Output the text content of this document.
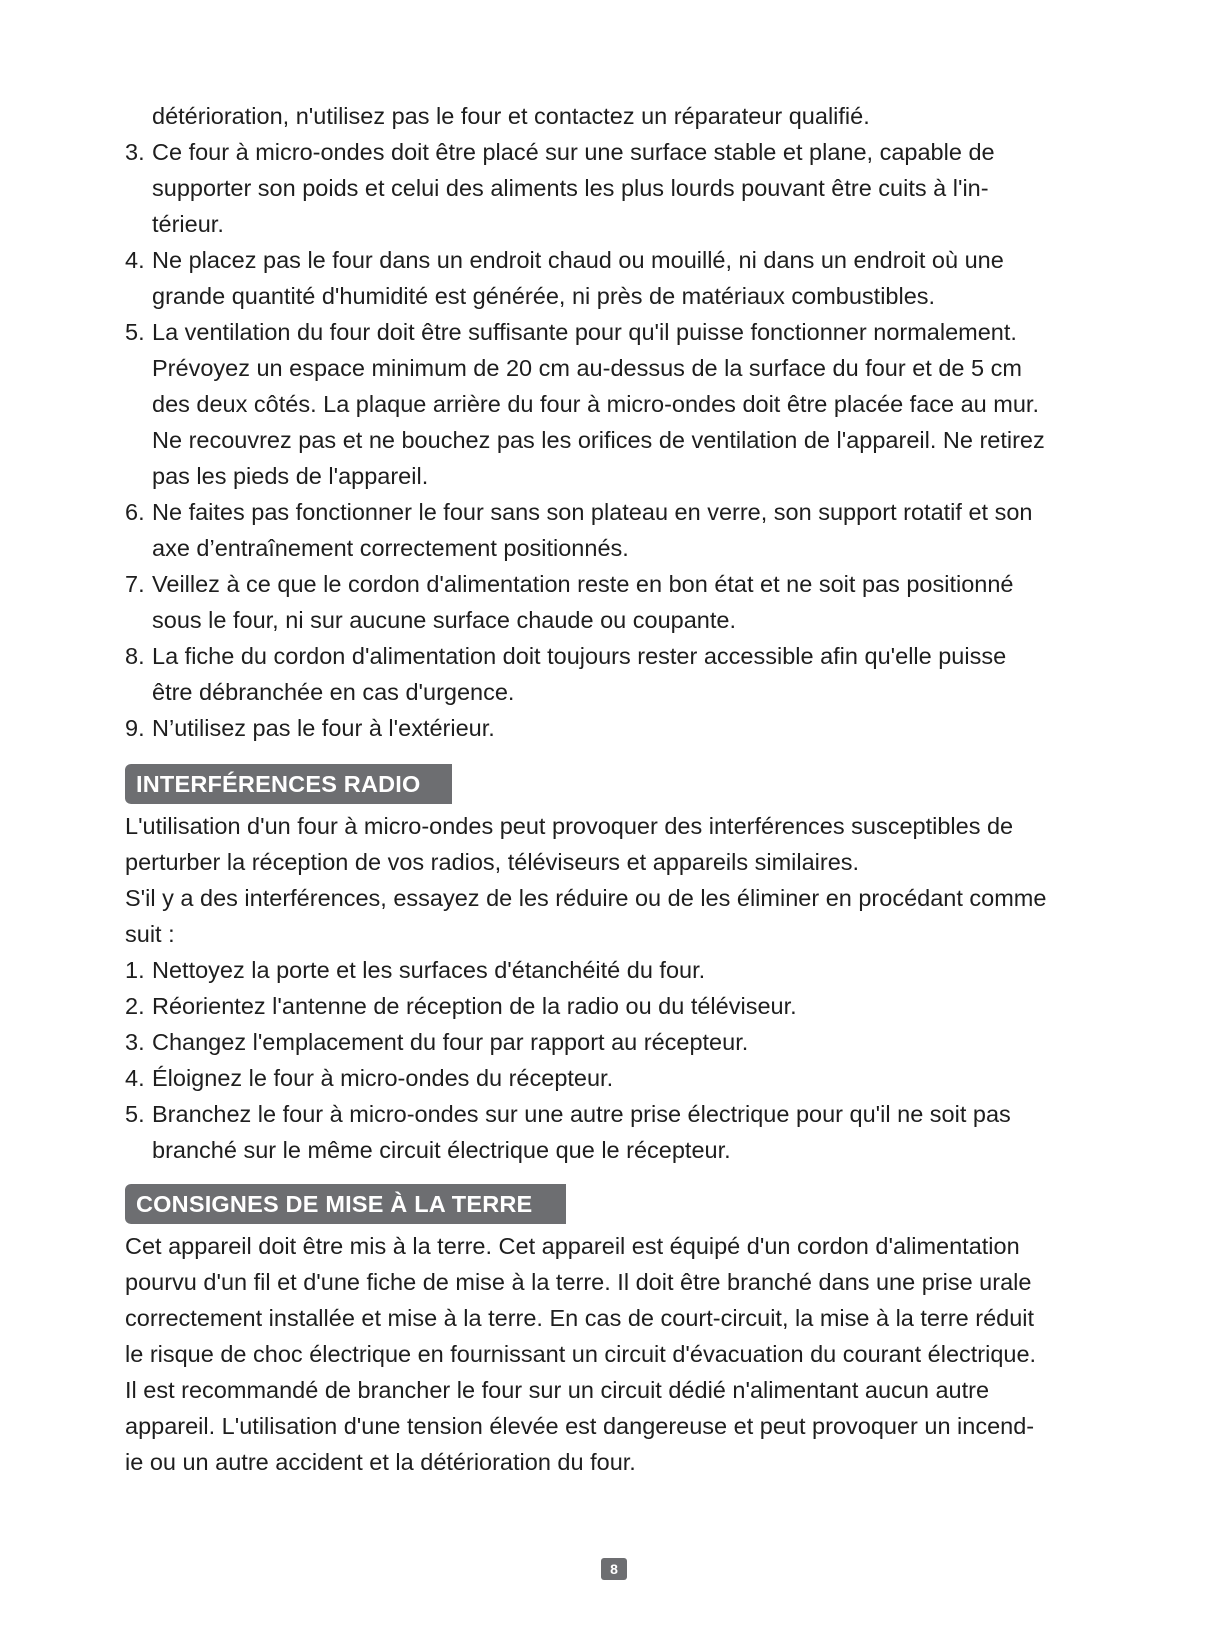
détérioration, n'utilisez pas le four et contactez un réparateur qualifié.

3. Ce four à micro-ondes doit être placé sur une surface stable et plane, capable de
supporter son poids et celui des aliments les plus lourds pouvant être cuits à l'in-
térieur.
4. Ne placez pas le four dans un endroit chaud ou mouillé, ni dans un endroit où une
grande quantité d'humidité est générée, ni près de matériaux combustibles.
5. La ventilation du four doit être suffisante pour qu'il puisse fonctionner normalement.
Prévoyez un espace minimum de 20 cm au-dessus de la surface du four et de 5 cm
des deux côtés. La plaque arrière du four à micro-ondes doit être placée face au mur.
Ne recouvrez pas et ne bouchez pas les orifices de ventilation de l'appareil. Ne retirez
pas les pieds de l'appareil.
6. Ne faites pas fonctionner le four sans son plateau en verre, son support rotatif et son
axe d’entraînement correctement positionnés.
7. Veillez à ce que le cordon d'alimentation reste en bon état et ne soit pas positionné
sous le four, ni sur aucune surface chaude ou coupante.
8. La fiche du cordon d'alimentation doit toujours rester accessible afin qu'elle puisse
être débranchée en cas d'urgence.
9. N’utilisez pas le four à l'extérieur.
INTERFÉRENCES RADIO

L'utilisation d'un four à micro-ondes peut provoquer des interférences susceptibles de

perturber la réception de vos radios, téléviseurs et appareils similaires.

S'il y a des interférences, essayez de les réduire ou de les éliminer en procédant comme

suit :

1. Nettoyez la porte et les surfaces d'étanchéité du four.
2. Réorientez l'antenne de réception de la radio ou du téléviseur.
3. Changez l'emplacement du four par rapport au récepteur.
4. Éloignez le four à micro-ondes du récepteur.
5. Branchez le four à micro-ondes sur une autre prise électrique pour qu'il ne soit pas
branché sur le même circuit électrique que le récepteur.
CONSIGNES DE MISE À LA TERRE

Cet appareil doit être mis à la terre. Cet appareil est équipé d'un cordon d'alimentation

pourvu d'un fil et d'une fiche de mise à la terre. Il doit être branché dans une prise urale

correctement installée et mise à la terre. En cas de court-circuit, la mise à la terre réduit

le risque de choc électrique en fournissant un circuit d'évacuation du courant électrique.

Il est recommandé de brancher le four sur un circuit dédié n'alimentant aucun autre

appareil. L'utilisation d'une tension élevée est dangereuse et peut provoquer un incend-

ie ou un autre accident et la détérioration du four.

8
